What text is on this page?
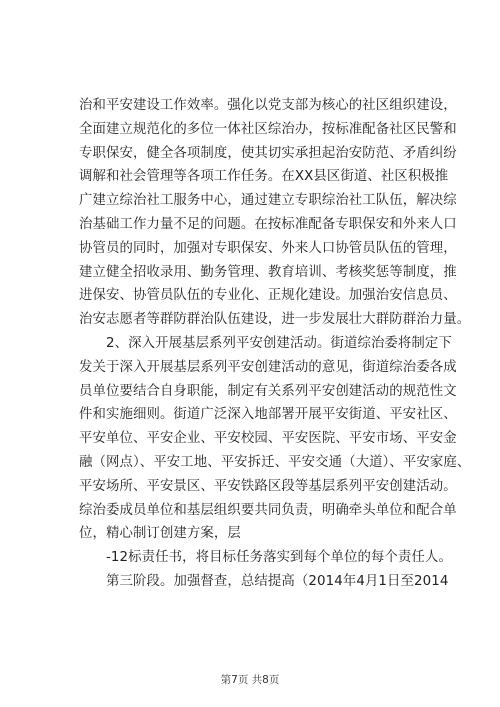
治和平安建设工作效率。强化以党支部为核心的社区组织建设，
全面建立规范化的多位一体社区综治办，按标准配备社区民警和
专职保安，健全各项制度，使其切实承担起治安防范、矛盾纠纷
调解和社会管理等各项工作任务。在XX县区街道、社区积极推
广建立综治社工服务中心，通过建立专职综治社工队伍，解决综
治基础工作力量不足的问题。在按标准配备专职保安和外来人口
协管员的同时，加强对专职保安、外来人口协管员队伍的管理，
建立健全招收录用、勤务管理、教育培训、考核奖惩等制度，推
进保安、协管员队伍的专业化、正规化建设。加强治安信息员、
治安志愿者等群防群治队伍建设，进一步发展壮大群防群治力量。
2、深入开展基层系列平安创建活动。街道综治委将制定下
发关于深入开展基层系列平安创建活动的意见，街道综治委各成
员单位要结合自身职能，制定有关系列平安创建活动的规范性文
件和实施细则。街道广泛深入地部署开展平安街道、平安社区、
平安单位、平安企业、平安校园、平安医院、平安市场、平安金
融（网点）、平安工地、平安拆迁、平安交通（大道）、平安家庭、
平安场所、平安景区、平安铁路区段等基层系列平安创建活动。
综治委成员单位和基层组织要共同负责，明确牵头单位和配合单
位，精心制订创建方案，层
-12标责任书，将目标任务落实到每个单位的每个责任人。
第三阶段。加强督查，总结提高（2014年4月1日至2014
第7页 共8页
